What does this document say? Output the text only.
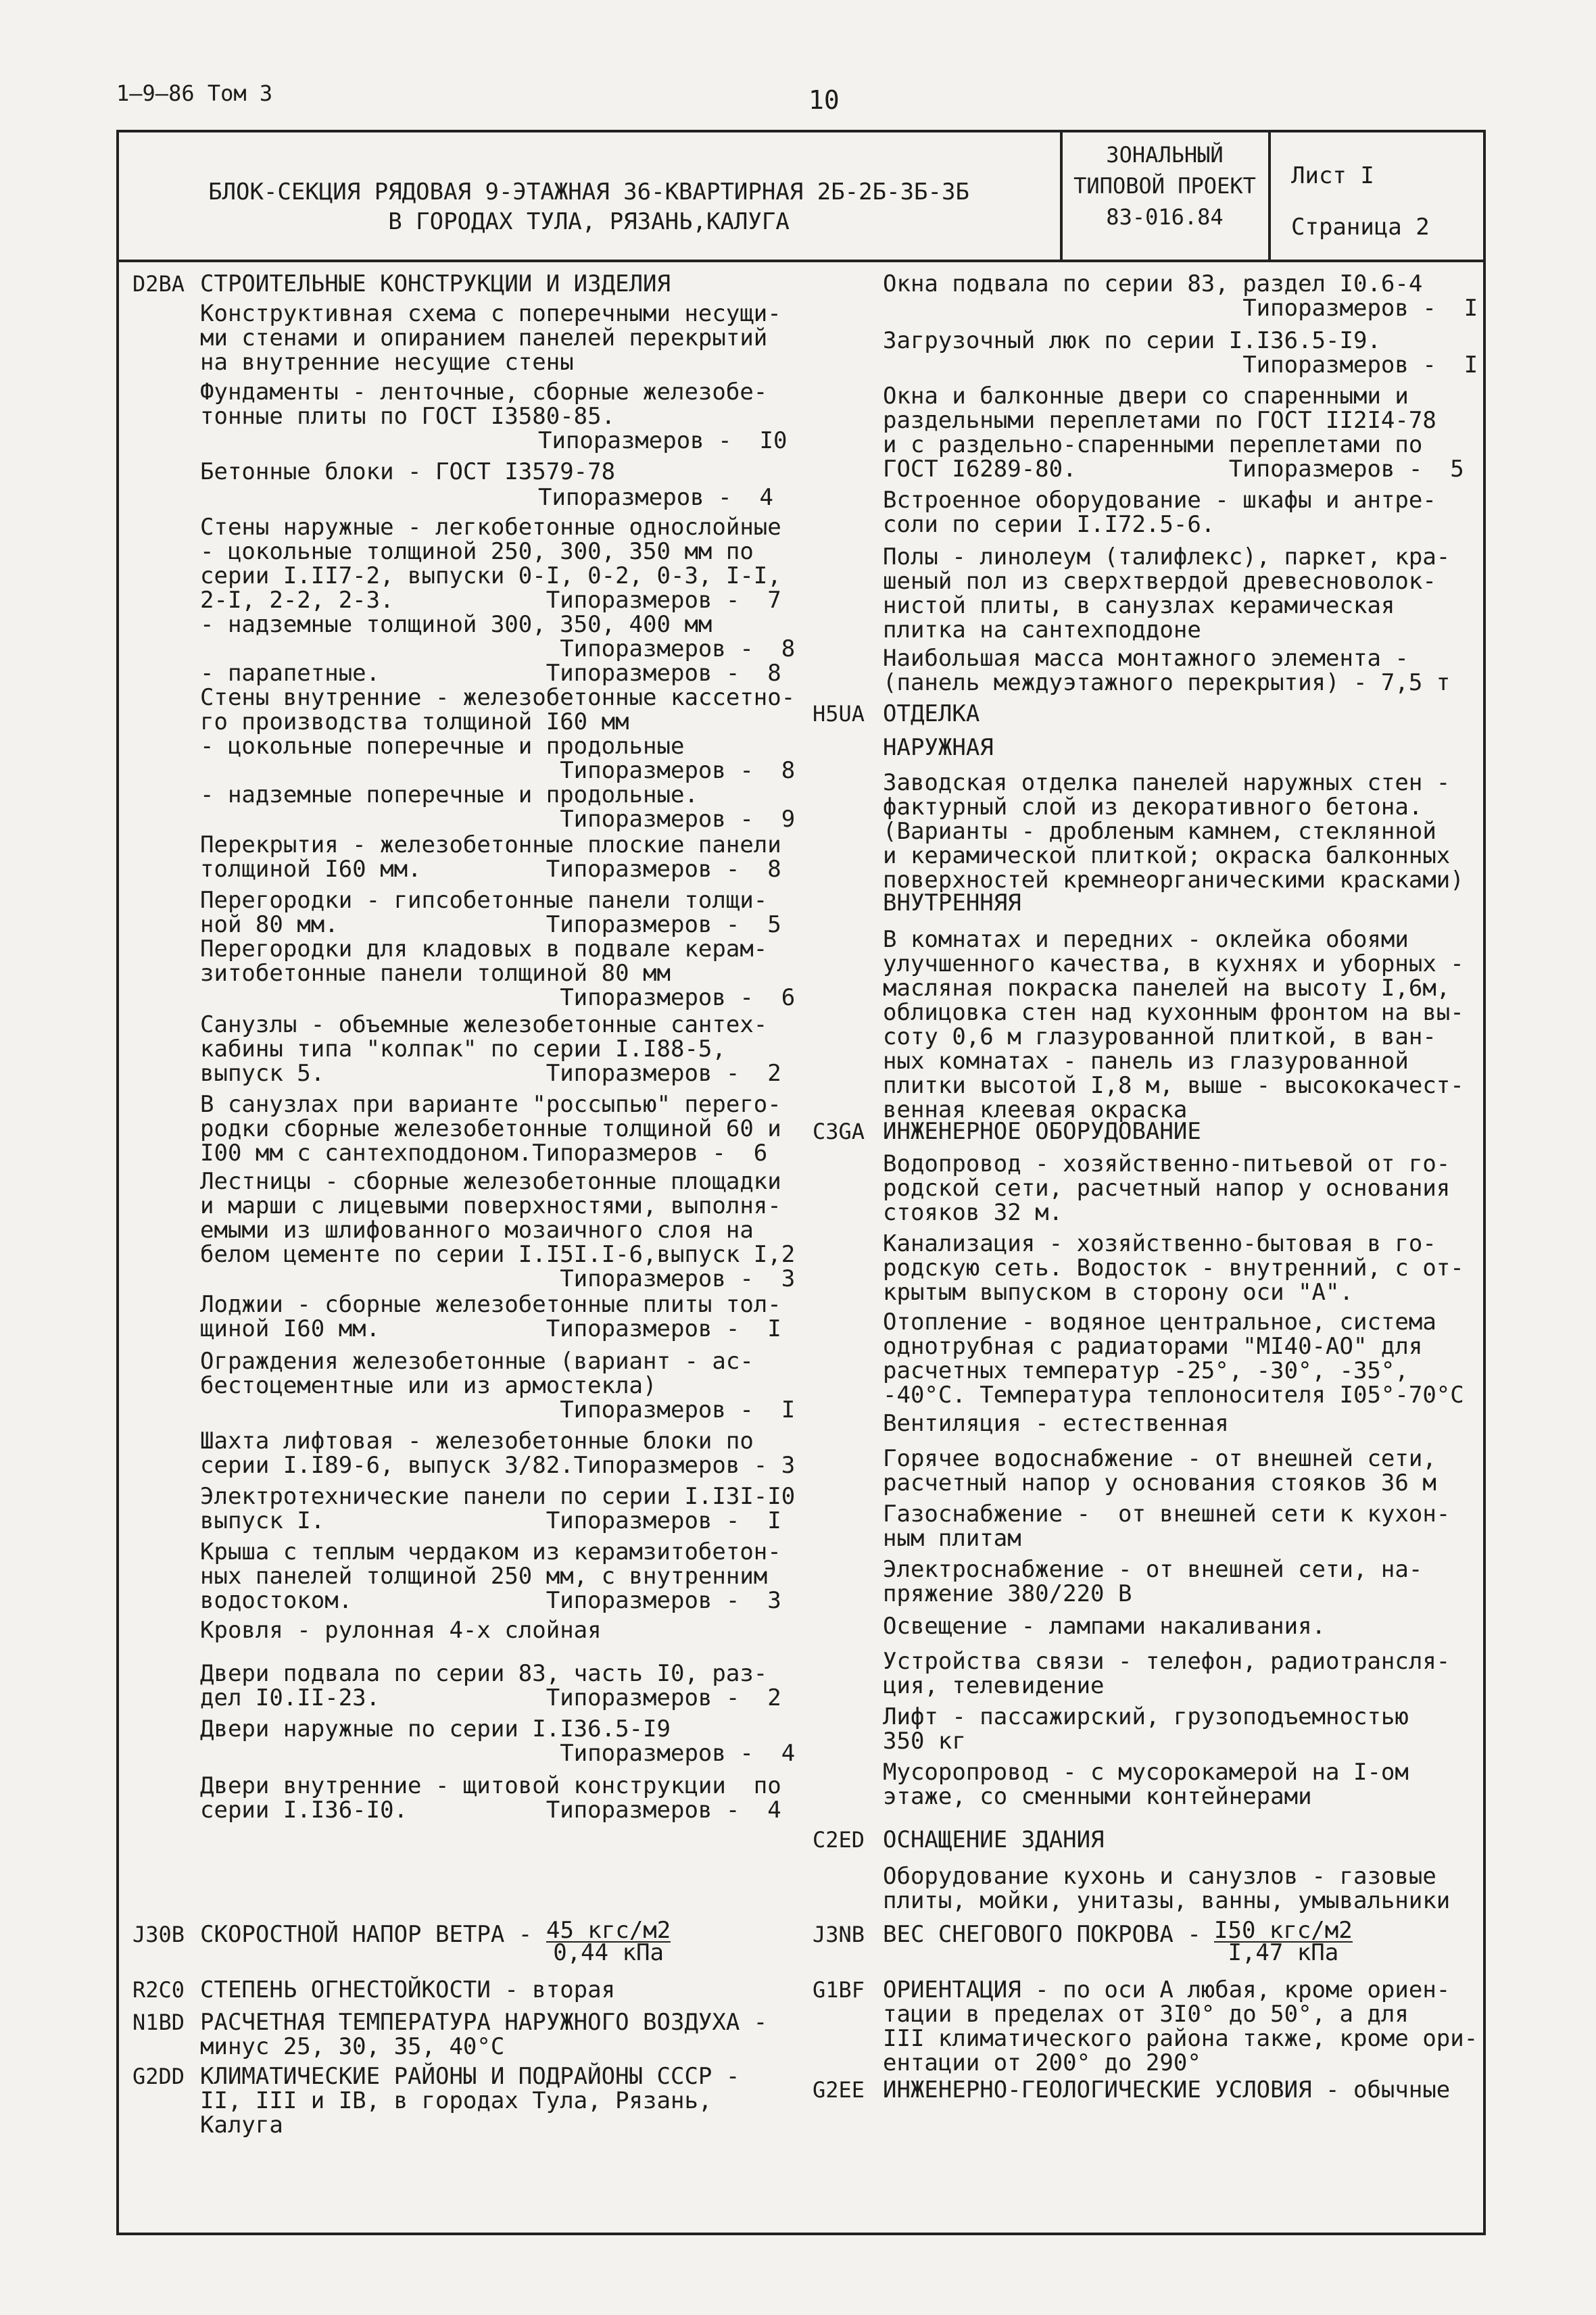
1—9—86 Том 3	10
БЛОК-СЕКЦИЯ РЯДОВАЯ 9-ЭТАЖНАЯ 36-КВАРТИРНАЯ 2Б-2Б-3Б-3Б
В ГОРОДАХ ТУЛА, РЯЗАНЬ,КАЛУГА
ЗОНАЛЬНЫЙ
ТИПОВОЙ ПРОЕКТ
83-016.84
Лист I
Страница 2
D2BA СТРОИТЕЛЬНЫЕ КОНСТРУКЦИИ И ИЗДЕЛИЯ
Конструктивная схема с поперечными несущи-
ми стенами и опиранием панелей перекрытий
на внутренние несущие стены
Фундаменты - ленточные, сборные железобе-
тонные плиты по ГОСТ I3580-85.
Типоразмеров -  I0
Бетонные блоки - ГОСТ I3579-78
Типоразмеров -  4
Стены наружные - легкобетонные однослойные
- цокольные толщиной 250, 300, 350 мм по
серии I.II7-2, выпуски 0-I, 0-2, 0-3, I-I,
2-I, 2-2, 2-3.           Типоразмеров -  7
- надземные толщиной 300, 350, 400 мм
Типоразмеров -  8
- парапетные.            Типоразмеров -  8
Стены внутренние - железобетонные кассетно-
го производства толщиной I60 мм
- цокольные поперечные и продольные
Типоразмеров -  8
- надземные поперечные и продольные.
Типоразмеров -  9
Перекрытия - железобетонные плоские панели
толщиной I60 мм.         Типоразмеров -  8
Перегородки - гипсобетонные панели толщи-
ной 80 мм.               Типоразмеров -  5
Перегородки для кладовых в подвале керам-
зитобетонные панели толщиной 80 мм
Типоразмеров -  6
Санузлы - объемные железобетонные сантех-
кабины типа "колпак" по серии I.I88-5,
выпуск 5.                Типоразмеров -  2
В санузлах при варианте "россыпью" перего-
родки сборные железобетонные толщиной 60 и
I00 мм с сантехподдоном.Типоразмеров -  6
Лестницы - сборные железобетонные площадки
и марши с лицевыми поверхностями, выполня-
емыми из шлифованного мозаичного слоя на
белом цементе по серии I.I5I.I-6,выпуск I,2
Типоразмеров -  3
Лоджии - сборные железобетонные плиты тол-
щиной I60 мм.            Типоразмеров -  I
Ограждения железобетонные (вариант - ас-
бестоцементные или из армостекла)
Типоразмеров -  I
Шахта лифтовая - железобетонные блоки по
серии I.I89-6, выпуск 3/82.Типоразмеров - 3
Электротехнические панели по серии I.I3I-I0
выпуск I.                Типоразмеров -  I
Крыша с теплым чердаком из керамзитобетон-
ных панелей толщиной 250 мм, с внутренним
водостоком.              Типоразмеров -  3
Кровля - рулонная 4-х слойная
Двери подвала по серии 83, часть I0, раз-
дел I0.II-23.            Типоразмеров -  2
Двери наружные по серии I.I36.5-I9
Типоразмеров -  4
Двери внутренние - щитовой конструкции  по
серии I.I36-I0.          Типоразмеров -  4
J30B СКОРОСТНОЙ НАПОР ВЕТРА - $\frac{\text{45 кгс/м2}}{\text{0,44 кПа}}$
R2C0 СТЕПЕНЬ ОГНЕСТОЙКОСТИ - вторая
N1BD РАСЧЕТНАЯ ТЕМПЕРАТУРА НАРУЖНОГО ВОЗДУХА -
минус 25, 30, 35, 40°С
G2DD КЛИМАТИЧЕСКИЕ РАЙОНЫ И ПОДРАЙОНЫ СССР -
II, III и IВ, в городах Тула, Рязань,
Калуга
Окна подвала по серии 83, раздел I0.6-4
Типоразмеров -  I
Загрузочный люк по серии I.I36.5-I9.
Типоразмеров -  I
Окна и балконные двери со спаренными и
раздельными переплетами по ГОСТ II2I4-78
и с раздельно-спаренными переплетами по
ГОСТ I6289-80.           Типоразмеров -  5
Встроенное оборудование - шкафы и антре-
соли по серии I.I72.5-6.
Полы - линолеум (талифлекс), паркет, кра-
шеный пол из сверхтвердой древесноволок-
нистой плиты, в санузлах керамическая
плитка на сантехподдоне
Наибольшая масса монтажного элемента -
(панель междуэтажного перекрытия) - 7,5 т
H5UA ОТДЕЛКА
НАРУЖНАЯ
Заводская отделка панелей наружных стен -
фактурный слой из декоративного бетона.
(Варианты - дробленым камнем, стеклянной
и керамической плиткой; окраска балконных
поверхностей кремнеорганическими красками)
ВНУТРЕННЯЯ
В комнатах и передних - оклейка обоями
улучшенного качества, в кухнях и уборных -
масляная покраска панелей на высоту I,6м,
облицовка стен над кухонным фронтом на вы-
соту 0,6 м глазурованной плиткой, в ван-
ных комнатах - панель из глазурованной
плитки высотой I,8 м, выше - высококачест-
венная клеевая окраска
C3GA ИНЖЕНЕРНОЕ ОБОРУДОВАНИЕ
Водопровод - хозяйственно-питьевой от го-
родской сети, расчетный напор у основания
стояков 32 м.
Канализация - хозяйственно-бытовая в го-
родскую сеть. Водосток - внутренний, с от-
крытым выпуском в сторону оси "А".
Отопление - водяное центральное, система
однотрубная с радиаторами "МI40-АО" для
расчетных температур -25°, -30°, -35°,
-40°С. Температура теплоносителя I05°-70°С
Вентиляция - естественная
Горячее водоснабжение - от внешней сети,
расчетный напор у основания стояков 36 м
Газоснабжение -  от внешней сети к кухон-
ным плитам
Электроснабжение - от внешней сети, на-
пряжение 380/220 В
Освещение - лампами накаливания.
Устройства связи - телефон, радиотрансля-
ция, телевидение
Лифт - пассажирский, грузоподъемностью
350 кг
Мусоропровод - с мусорокамерой на I-ом
этаже, со сменными контейнерами
C2ED ОСНАЩЕНИЕ ЗДАНИЯ
Оборудование кухонь и санузлов - газовые
плиты, мойки, унитазы, ванны, умывальники
J3NB ВЕС СНЕГОВОГО ПОКРОВА - $\frac{\text{I50 кгс/м2}}{\text{I,47 кПа}}$
G1BF ОРИЕНТАЦИЯ - по оси А любая, кроме ориен-
тации в пределах от 3I0° до 50°, а для
III климатического района также, кроме ори-
ентации от 200° до 290°
G2EE ИНЖЕНЕРНО-ГЕОЛОГИЧЕСКИЕ УСЛОВИЯ - обычные
